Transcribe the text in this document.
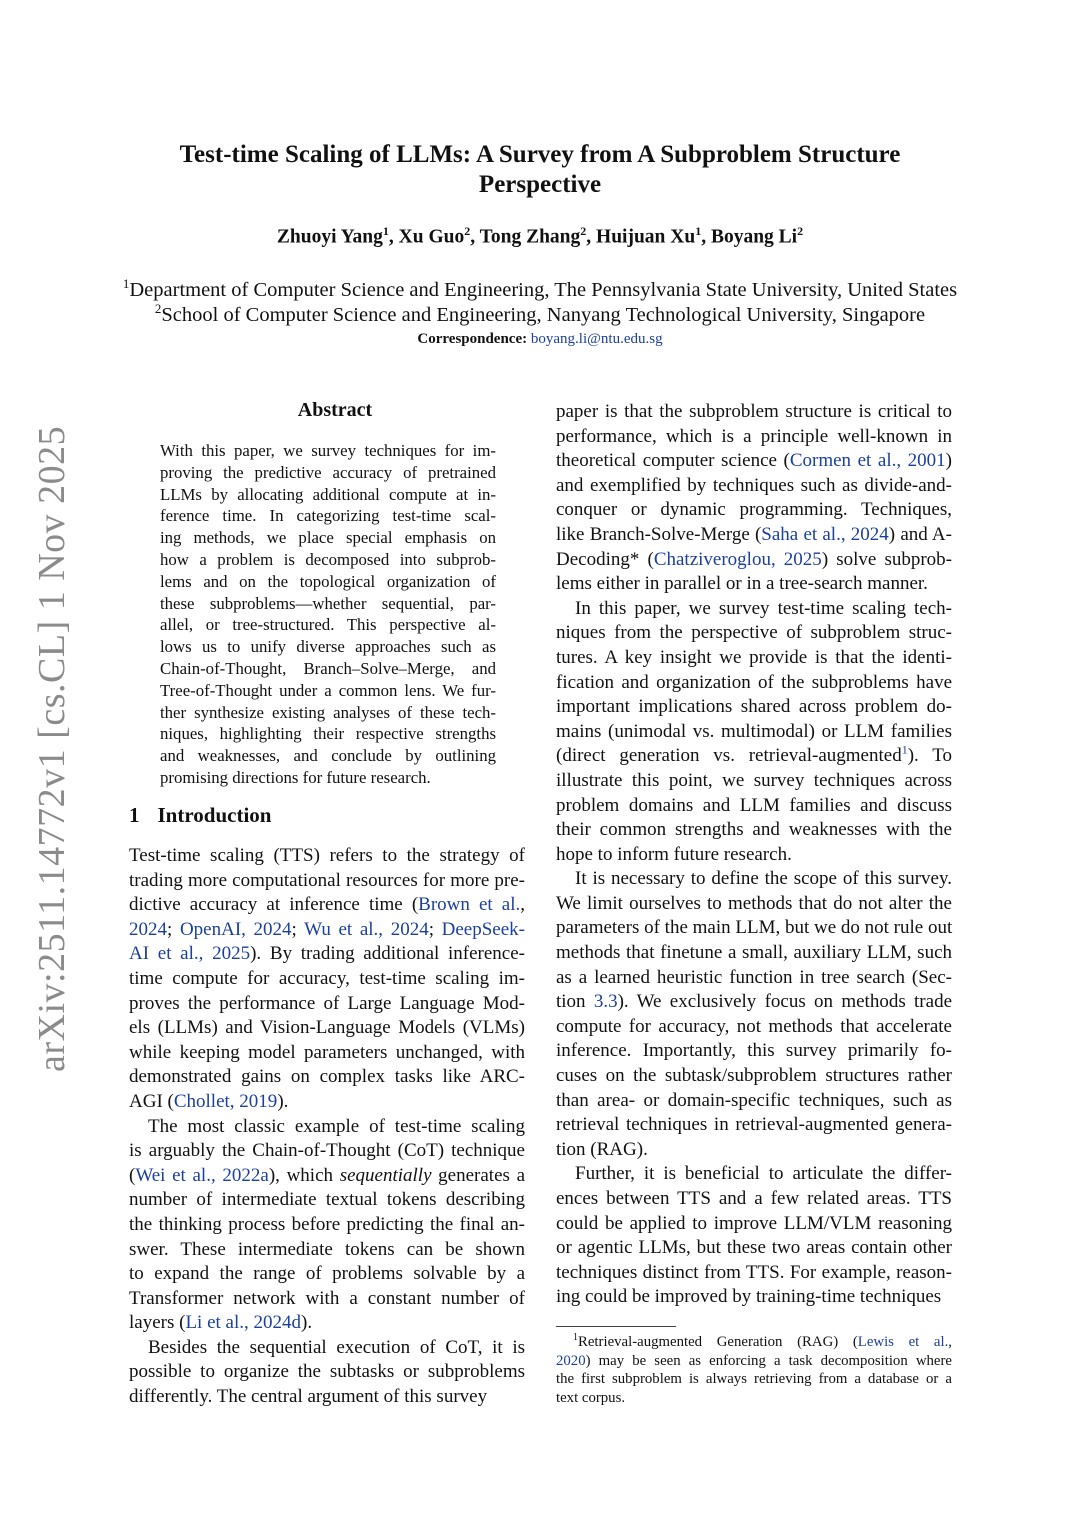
arXiv:2511.14772v1 [cs.CL] 1 Nov 2025
Test-time Scaling of LLMs: A Survey from A Subproblem Structure
Perspective
Zhuoyi Yang$^1$, Xu Guo$^2$, Tong Zhang$^2$, Huijuan Xu$^1$, Boyang Li$^2$
$^1$Department of Computer Science and Engineering, The Pennsylvania State University, United States
$^2$School of Computer Science and Engineering, Nanyang Technological University, Singapore
Correspondence: boyang.li@ntu.edu.sg
Abstract
With this paper, we survey techniques for im-
proving the predictive accuracy of pretrained
LLMs by allocating additional compute at in-
ference time. In categorizing test-time scal-
ing methods, we place special emphasis on
how a problem is decomposed into subprob-
lems and on the topological organization of
these subproblems—whether sequential, par-
allel, or tree-structured. This perspective al-
lows us to unify diverse approaches such as
Chain-of-Thought, Branch–Solve–Merge, and
Tree-of-Thought under a common lens. We fur-
ther synthesize existing analyses of these tech-
niques, highlighting their respective strengths
and weaknesses, and conclude by outlining
promising directions for future research.
1 Introduction
Test-time scaling (TTS) refers to the strategy of
trading more computational resources for more pre-
dictive accuracy at inference time (Brown et al.,
2024; OpenAI, 2024; Wu et al., 2024; DeepSeek-
AI et al., 2025). By trading additional inference-
time compute for accuracy, test-time scaling im-
proves the performance of Large Language Mod-
els (LLMs) and Vision-Language Models (VLMs)
while keeping model parameters unchanged, with
demonstrated gains on complex tasks like ARC-
AGI (Chollet, 2019).
The most classic example of test-time scaling
is arguably the Chain-of-Thought (CoT) technique
(Wei et al., 2022a), which sequentially generates a
number of intermediate textual tokens describing
the thinking process before predicting the final an-
swer. These intermediate tokens can be shown
to expand the range of problems solvable by a
Transformer network with a constant number of
layers (Li et al., 2024d).
Besides the sequential execution of CoT, it is
possible to organize the subtasks or subproblems
differently. The central argument of this survey
paper is that the subproblem structure is critical to
performance, which is a principle well-known in
theoretical computer science (Cormen et al., 2001)
and exemplified by techniques such as divide-and-
conquer or dynamic programming. Techniques,
like Branch-Solve-Merge (Saha et al., 2024) and A-
Decoding* (Chatziveroglou, 2025) solve subprob-
lems either in parallel or in a tree-search manner.
In this paper, we survey test-time scaling tech-
niques from the perspective of subproblem struc-
tures. A key insight we provide is that the identi-
fication and organization of the subproblems have
important implications shared across problem do-
mains (unimodal vs. multimodal) or LLM families
(direct generation vs. retrieval-augmented$^1$). To
illustrate this point, we survey techniques across
problem domains and LLM families and discuss
their common strengths and weaknesses with the
hope to inform future research.
It is necessary to define the scope of this survey.
We limit ourselves to methods that do not alter the
parameters of the main LLM, but we do not rule out
methods that finetune a small, auxiliary LLM, such
as a learned heuristic function in tree search (Sec-
tion 3.3). We exclusively focus on methods trade
compute for accuracy, not methods that accelerate
inference. Importantly, this survey primarily fo-
cuses on the subtask/subproblem structures rather
than area- or domain-specific techniques, such as
retrieval techniques in retrieval-augmented genera-
tion (RAG).
Further, it is beneficial to articulate the differ-
ences between TTS and a few related areas. TTS
could be applied to improve LLM/VLM reasoning
or agentic LLMs, but these two areas contain other
techniques distinct from TTS. For example, reason-
ing could be improved by training-time techniques
$^1$Retrieval-augmented Generation (RAG) (Lewis et al.,
2020) may be seen as enforcing a task decomposition where
the first subproblem is always retrieving from a database or a
text corpus.
